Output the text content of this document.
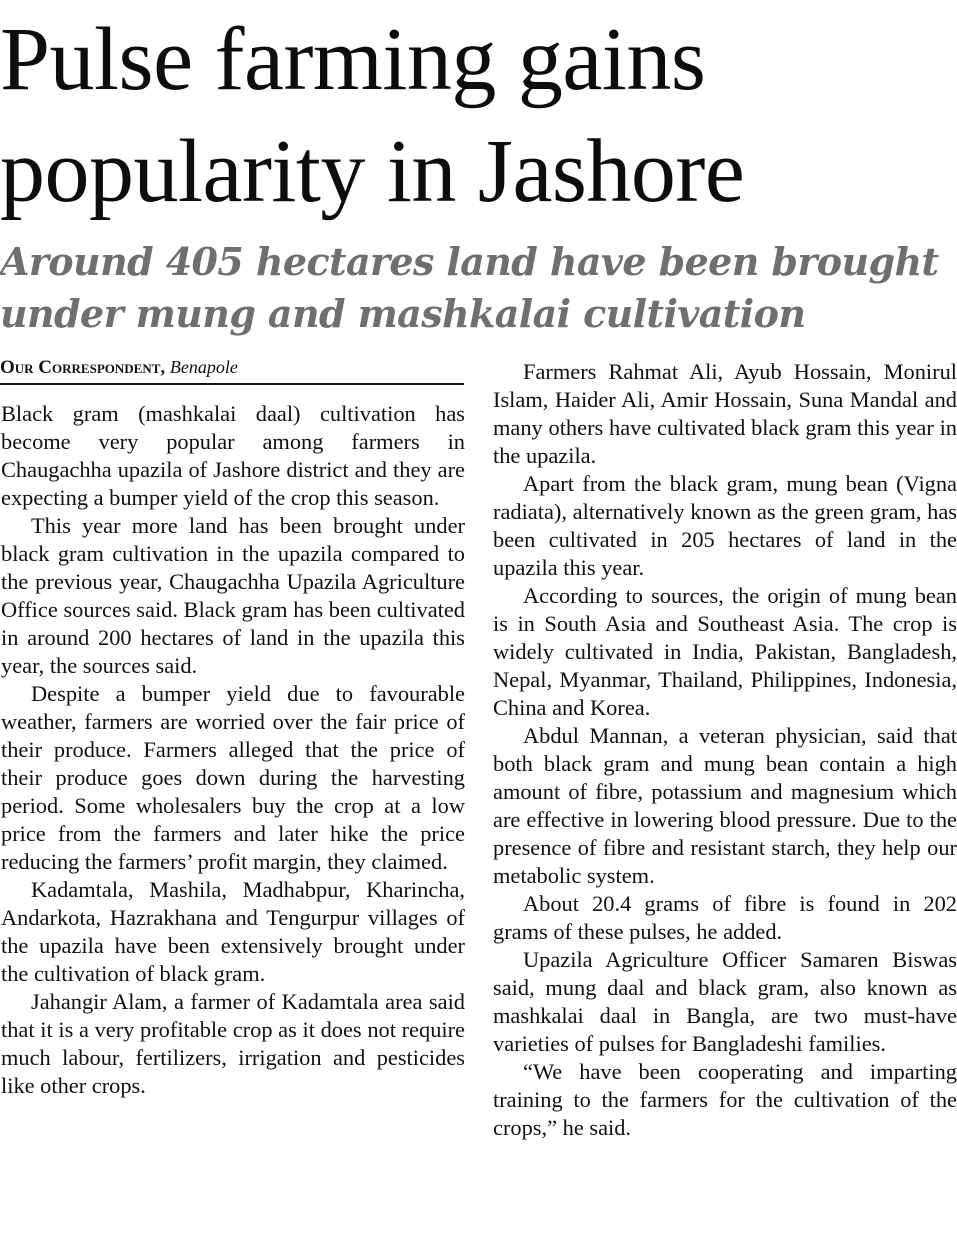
Pulse farming gains popularity in Jashore
Around 405 hectares land have been brought under mung and mashkalai cultivation
Our Correspondent, Benapole

Black gram (mashkalai daal) cultivation has become very popular among farmers in Chaugachha upazila of Jashore district and they are expecting a bumper yield of the crop this season.

This year more land has been brought under black gram cultivation in the upazila compared to the previous year, Chaugachha Upazila Agriculture Office sources said. Black gram has been cultivated in around 200 hectares of land in the upazila this year, the sources said.

Despite a bumper yield due to favourable weather, farmers are worried over the fair price of their produce. Farmers alleged that the price of their produce goes down during the harvesting period. Some wholesalers buy the crop at a low price from the farmers and later hike the price reducing the farmers’ profit margin, they claimed.

Kadamtala, Mashila, Madhabpur, Kharincha, Andarkota, Hazrakhana and Tengurpur villages of the upazila have been extensively brought under the cultivation of black gram.

Jahangir Alam, a farmer of Kadamtala area said that it is a very profitable crop as it does not require much labour, fertilizers, irrigation and pesticides like other crops.

Farmers Rahmat Ali, Ayub Hossain, Monirul Islam, Haider Ali, Amir Hossain, Suna Mandal and many others have cultivated black gram this year in the upazila.

Apart from the black gram, mung bean (Vigna radiata), alternatively known as the green gram, has been cultivated in 205 hectares of land in the upazila this year.

According to sources, the origin of mung bean is in South Asia and Southeast Asia. The crop is widely cultivated in India, Pakistan, Bangladesh, Nepal, Myanmar, Thailand, Philippines, Indonesia, China and Korea.

Abdul Mannan, a veteran physician, said that both black gram and mung bean contain a high amount of fibre, potassium and magnesium which are effective in lowering blood pressure. Due to the presence of fibre and resistant starch, they help our metabolic system.

About 20.4 grams of fibre is found in 202 grams of these pulses, he added.

Upazila Agriculture Officer Samaren Biswas said, mung daal and black gram, also known as mashkalai daal in Bangla, are two must-have varieties of pulses for Bangladeshi families.

“We have been cooperating and imparting training to the farmers for the cultivation of the crops,” he said.
